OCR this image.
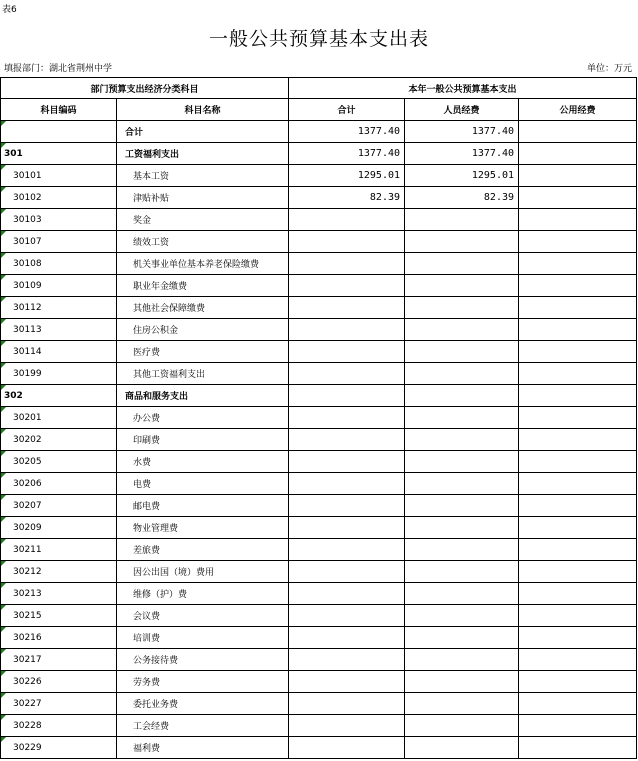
表6
一般公共预算基本支出表
填报部门：湖北省荆州中学	单位：万元
部门预算支出经济分类科目		本年一般公共预算基本支出		
科目编码	科目名称	合计	人员经费	公用经费
	合计	1377.40	1377.40	
301	工资福利支出	1377.40	1377.40	
30101	基本工资	1295.01	1295.01	
30102	津贴补贴	82.39	82.39	
30103	奖金			
30107	绩效工资			
30108	机关事业单位基本养老保险缴费			
30109	职业年金缴费			
30112	其他社会保障缴费			
30113	住房公积金			
30114	医疗费			
30199	其他工资福利支出			
302	商品和服务支出			
30201	办公费			
30202	印刷费			
30205	水费			
30206	电费			
30207	邮电费			
30209	物业管理费			
30211	差旅费			
30212	因公出国（境）费用			
30213	维修（护）费			
30215	会议费			
30216	培训费			
30217	公务接待费			
30226	劳务费			
30227	委托业务费			
30228	工会经费			
30229	福利费			
